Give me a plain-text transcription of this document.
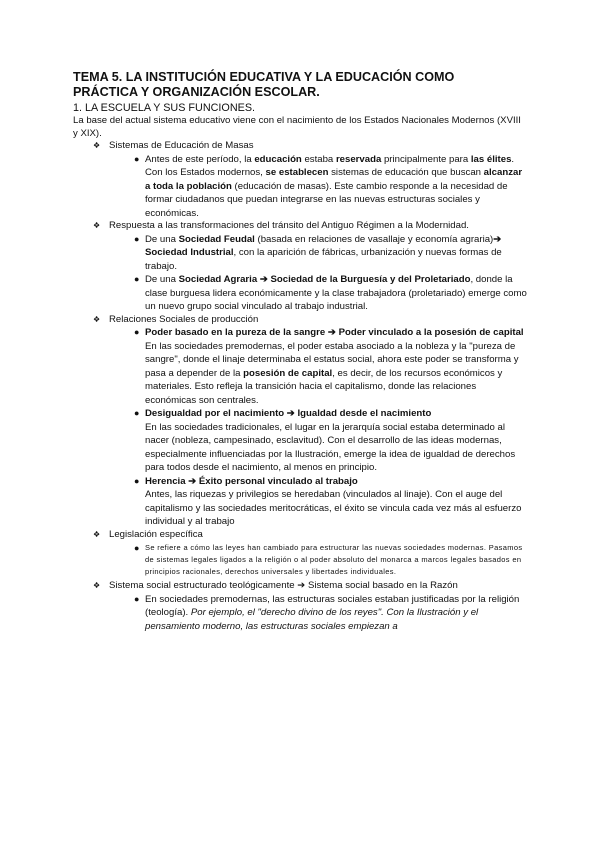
TEMA 5. LA INSTITUCIÓN EDUCATIVA Y LA EDUCACIÓN COMO
PRÁCTICA Y ORGANIZACIÓN ESCOLAR.

1. LA ESCUELA Y SUS FUNCIONES.

La base del actual sistema educativo viene con el nacimiento de los Estados Nacionales Modernos (XVIII y XIX).

❖ Sistemas de Educación de Masas

● Antes de este período, la educación estaba reservada principalmente para las élites. Con los Estados modernos, se establecen sistemas de educación que buscan alcanzar a toda la población (educación de masas). Este cambio responde a la necesidad de formar ciudadanos que puedan integrarse en las nuevas estructuras sociales y económicas.

❖ Respuesta a las transformaciones del tránsito del Antiguo Régimen a la Modernidad.

● De una Sociedad Feudal (basada en relaciones de vasallaje y economía agraria)➔ Sociedad Industrial, con la aparición de fábricas, urbanización y nuevas formas de trabajo.

● De una Sociedad Agraria ➔ Sociedad de la Burguesía y del Proletariado, donde la clase burguesa lidera económicamente y la clase trabajadora (proletariado) emerge como un nuevo grupo social vinculado al trabajo industrial.

❖ Relaciones Sociales de producción

● Poder basado en la pureza de la sangre ➔ Poder vinculado a la posesión de capital
En las sociedades premodernas, el poder estaba asociado a la nobleza y la "pureza de sangre", donde el linaje determinaba el estatus social, ahora este poder se transforma y pasa a depender de la posesión de capital, es decir, de los recursos económicos y materiales. Esto refleja la transición hacia el capitalismo, donde las relaciones económicas son centrales.

● Desigualdad por el nacimiento ➔ Igualdad desde el nacimiento
En las sociedades tradicionales, el lugar en la jerarquía social estaba determinado al nacer (nobleza, campesinado, esclavitud). Con el desarrollo de las ideas modernas, especialmente influenciadas por la Ilustración, emerge la idea de igualdad de derechos para todos desde el nacimiento, al menos en principio.

● Herencia ➔ Éxito personal vinculado al trabajo
Antes, las riquezas y privilegios se heredaban (vinculados al linaje). Con el auge del capitalismo y las sociedades meritocráticas, el éxito se vincula cada vez más al esfuerzo individual y al trabajo

❖ Legislación específica

● Se refiere a cómo las leyes han cambiado para estructurar las nuevas sociedades modernas. Pasamos de sistemas legales ligados a la religión o al poder absoluto del monarca a marcos legales basados en principios racionales, derechos universales y libertades individuales.

❖ Sistema social estructurado teológicamente ➔ Sistema social basado en la Razón

● En sociedades premodernas, las estructuras sociales estaban justificadas por la religión (teología). Por ejemplo, el "derecho divino de los reyes". Con la Ilustración y el pensamiento moderno, las estructuras sociales empiezan a
